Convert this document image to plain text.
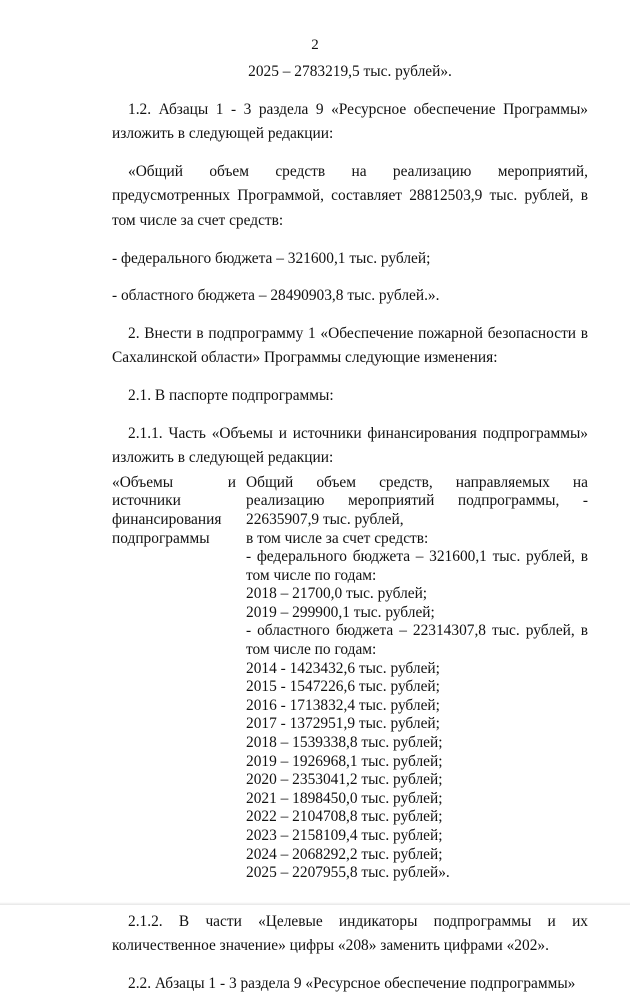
2

2025 – 2783219,5 тыс. рублей».

1.2. Абзацы 1 - 3 раздела 9 «Ресурсное обеспечение Программы» изложить в следующей редакции:

«Общий объем средств на реализацию мероприятий, предусмотренных Программой, составляет 28812503,9 тыс. рублей, в том числе за счет средств:

- федерального бюджета – 321600,1 тыс. рублей;

- областного бюджета – 28490903,8 тыс. рублей.».

2. Внести в подпрограмму 1 «Обеспечение пожарной безопасности в Сахалинской области» Программы следующие изменения:

2.1. В паспорте подпрограммы:

2.1.1. Часть «Объемы и источники финансирования подпрограммы» изложить в следующей редакции:

«Объемы и источники финансирования подпрограммы
Общий объем средств, направляемых на реализацию мероприятий подпрограммы, - 22635907,9 тыс. рублей,
в том числе за счет средств:
- федерального бюджета – 321600,1 тыс. рублей, в том числе по годам:
2018 – 21700,0 тыс. рублей;
2019 – 299900,1 тыс. рублей;
- областного бюджета – 22314307,8 тыс. рублей, в том числе по годам:
2014 - 1423432,6 тыс. рублей;
2015 - 1547226,6 тыс. рублей;
2016 - 1713832,4 тыс. рублей;
2017 - 1372951,9 тыс. рублей;
2018 – 1539338,8 тыс. рублей;
2019 – 1926968,1 тыс. рублей;
2020 – 2353041,2 тыс. рублей;
2021 – 1898450,0 тыс. рублей;
2022 – 2104708,8 тыс. рублей;
2023 – 2158109,4 тыс. рублей;
2024 – 2068292,2 тыс. рублей;
2025 – 2207955,8 тыс. рублей».

2.1.2. В части «Целевые индикаторы подпрограммы и их количественное значение» цифры «208» заменить цифрами «202».

2.2. Абзацы 1 - 3 раздела 9 «Ресурсное обеспечение подпрограммы»
